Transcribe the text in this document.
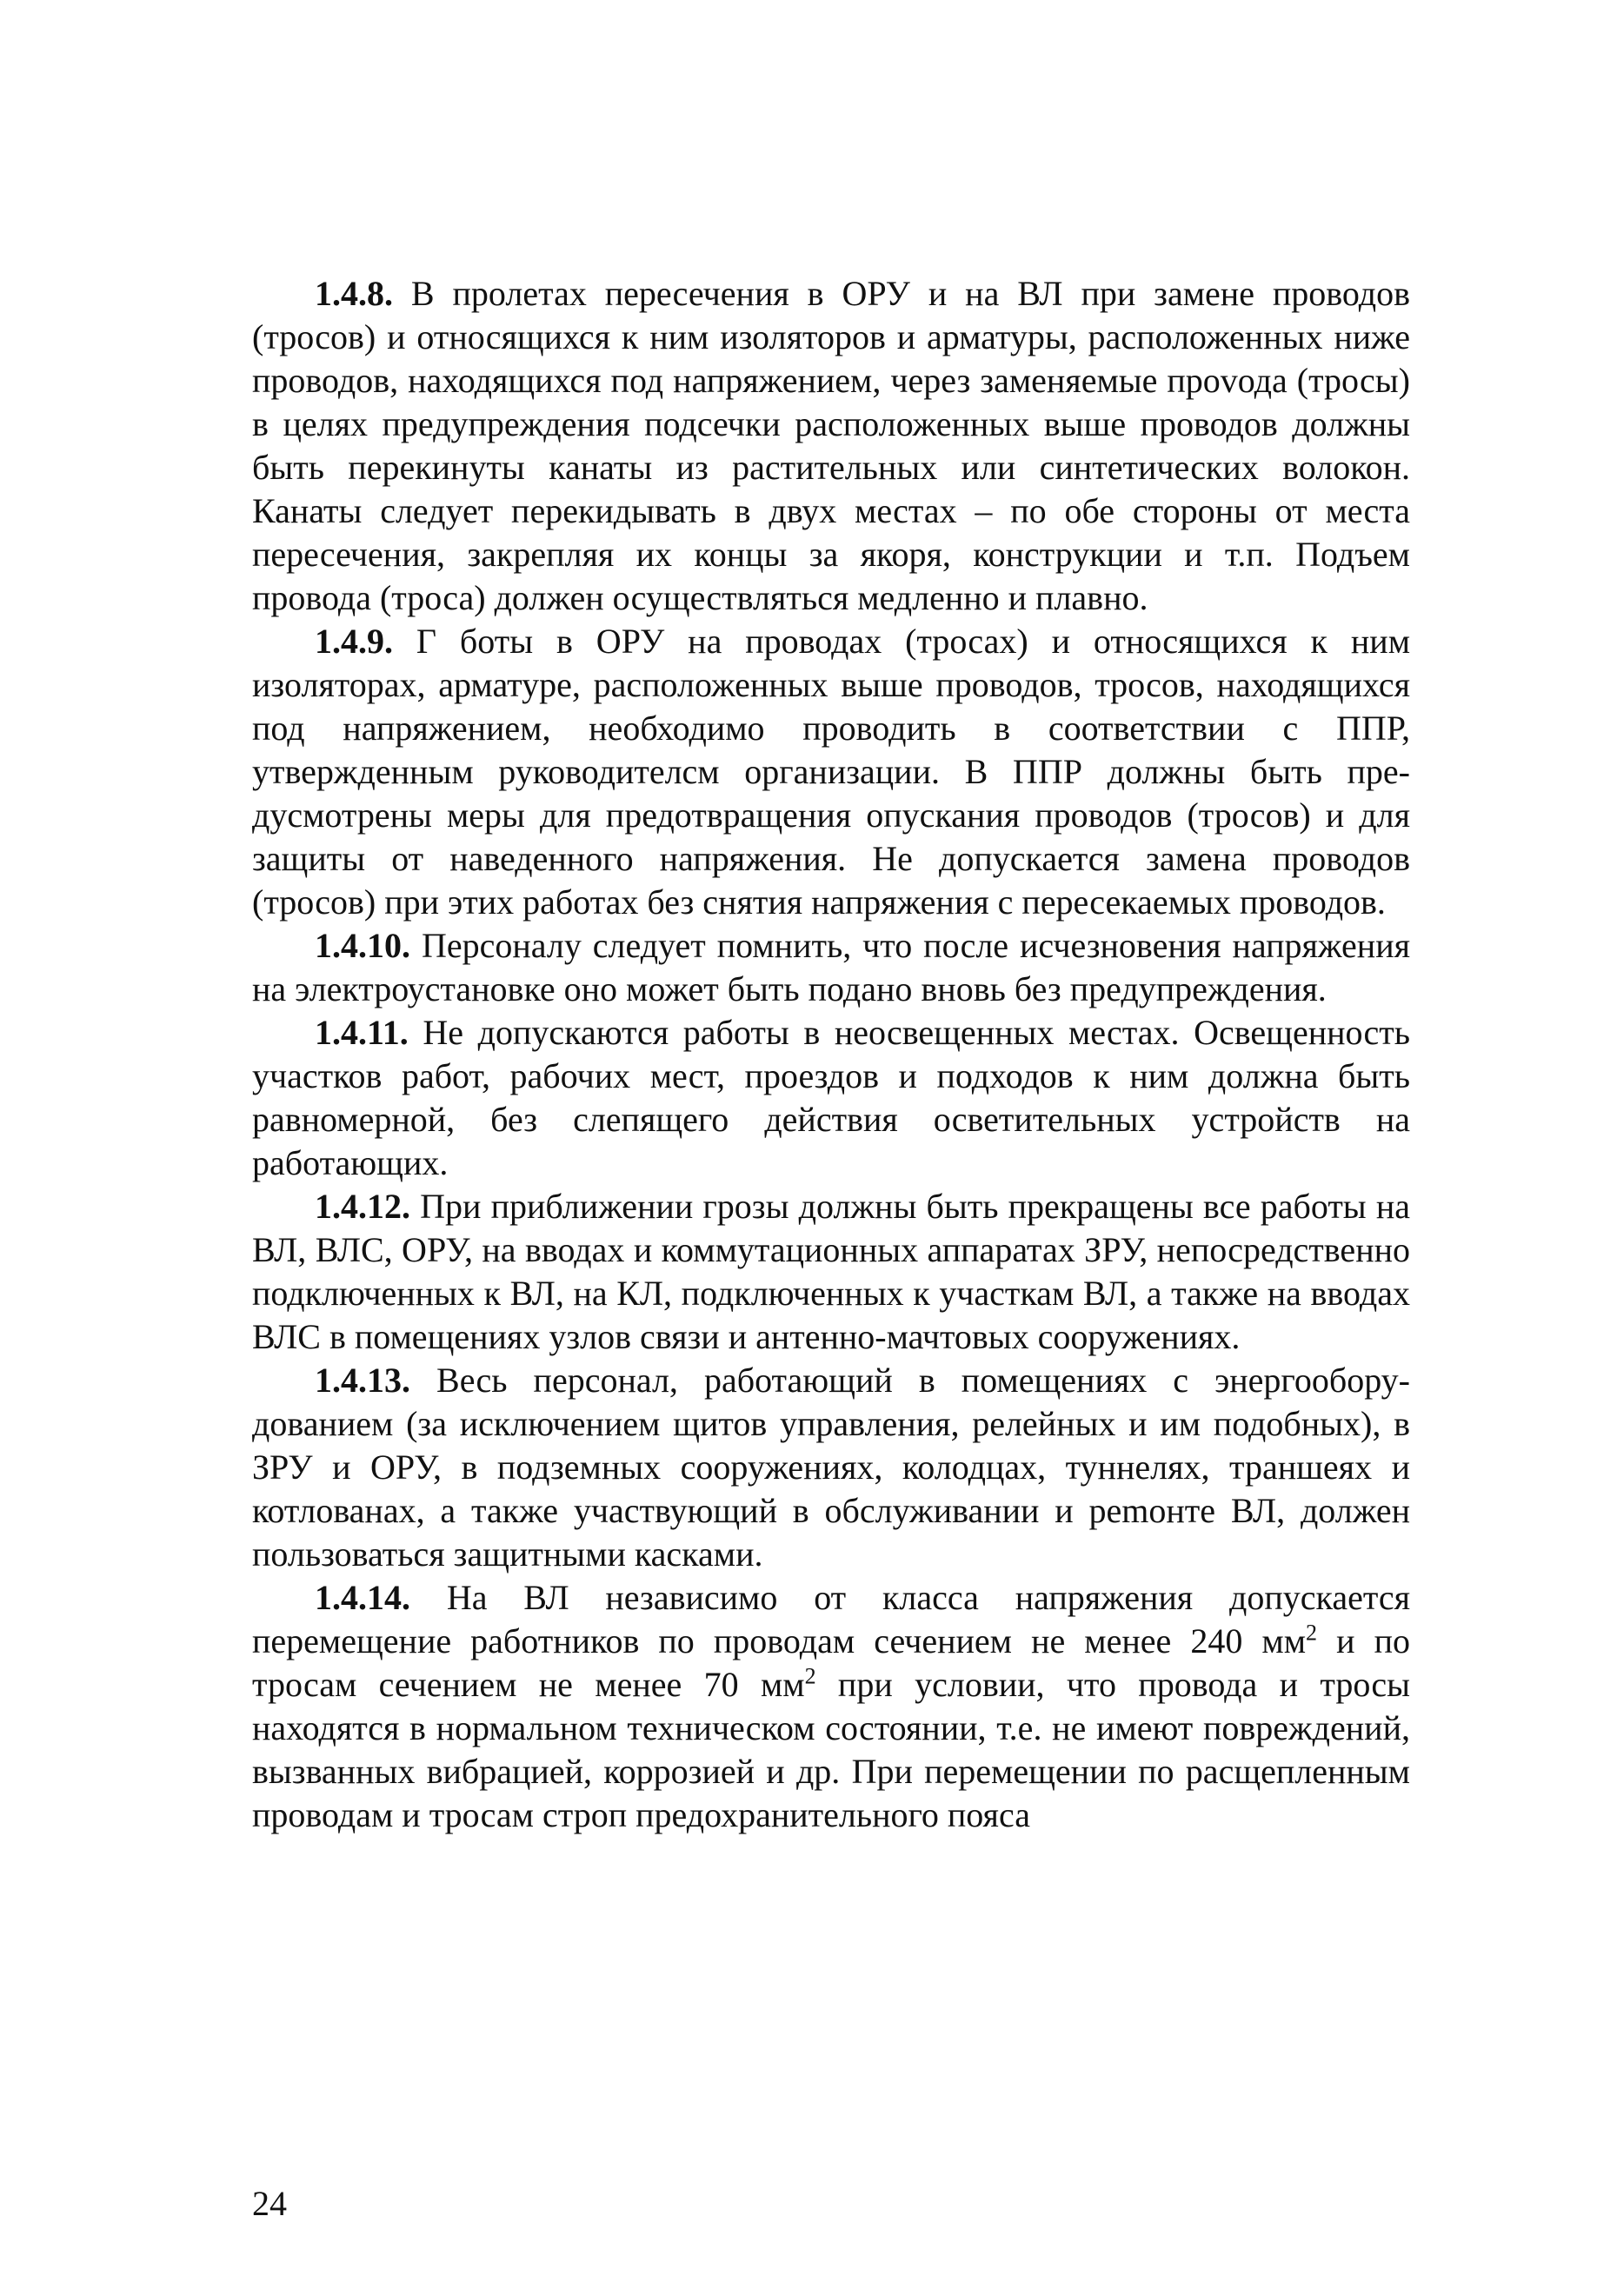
1.4.8. В пролетах пересечения в ОРУ и на ВЛ при замене проводов (тросов) и относящихся к ним изоляторов и арматуры, расположенных ниже проводов, находящихся под напряжением, через заменяемые проvода (тросы) в целях предупреждения подсечки расположенных выше проводов должны быть перекинуты канаты из растительных или синтетических волокон. Канаты следует перекидывать в двух местах – по обе стороны от места пересечения, закрепляя их концы за якоря, конструкции и т.п. Подъем провода (троса) должен осуществляться медленно и плавно.

1.4.9. Г боты в ОРУ на проводах (тросах) и относящихся к ним изоляторах, арматуре, расположенных выше проводов, тросов, находящихся под напряжением, необходимо проводить в соответствии с ППР, утвержденным руководителсм организации. В ППР должны быть предусмотрены меры для предотвращения опускания проводов (тросов) и для защиты от наведенного напряжения. Не допускается замена проводов (тросов) при этих работах без снятия напряжения с пересекаемых проводов.

1.4.10. Персоналу следует помнить, что после исчезновения напряжения на электроустановке оно может быть подано вновь без предупреждения.

1.4.11. Не допускаются работы в неосвещенных местах. Освещенность участков работ, рабочих мест, проездов и подходов к ним должна быть равномерной, без слепящего действия осветительных устройств на работающих.

1.4.12. При приближении грозы должны быть прекращены все работы на ВЛ, ВЛС, ОРУ, на вводах и коммутационных аппаратах ЗРУ, непосредственно подключенных к ВЛ, на КЛ, подключенных к участкам ВЛ, а также на вводах ВЛС в помещениях узлов связи и антенно-мачтовых сооружениях.

1.4.13. Весь персонал, работающий в помещениях с энергооборудованием (за исключением щитов управления, релейных и им подобных), в ЗРУ и ОРУ, в подземных сооружениях, колодцах, туннелях, траншеях и котлованах, а также участвующий в обслуживании и реmонте ВЛ, должен пользоваться защитными касками.

1.4.14. На ВЛ независимо от класса напряжения допускается перемещение работников по проводам сечением не менее 240 $мм^2$ и по тросам сечением не менее 70 $мм^2$ при условии, что провода и тросы находятся в нормальном техническом состоянии, т.е. не имеют повреждений, вызванных вибрацией, коррозией и др. При перемещении по расщепленным проводам и тросам строп предохранительного пояса

24
